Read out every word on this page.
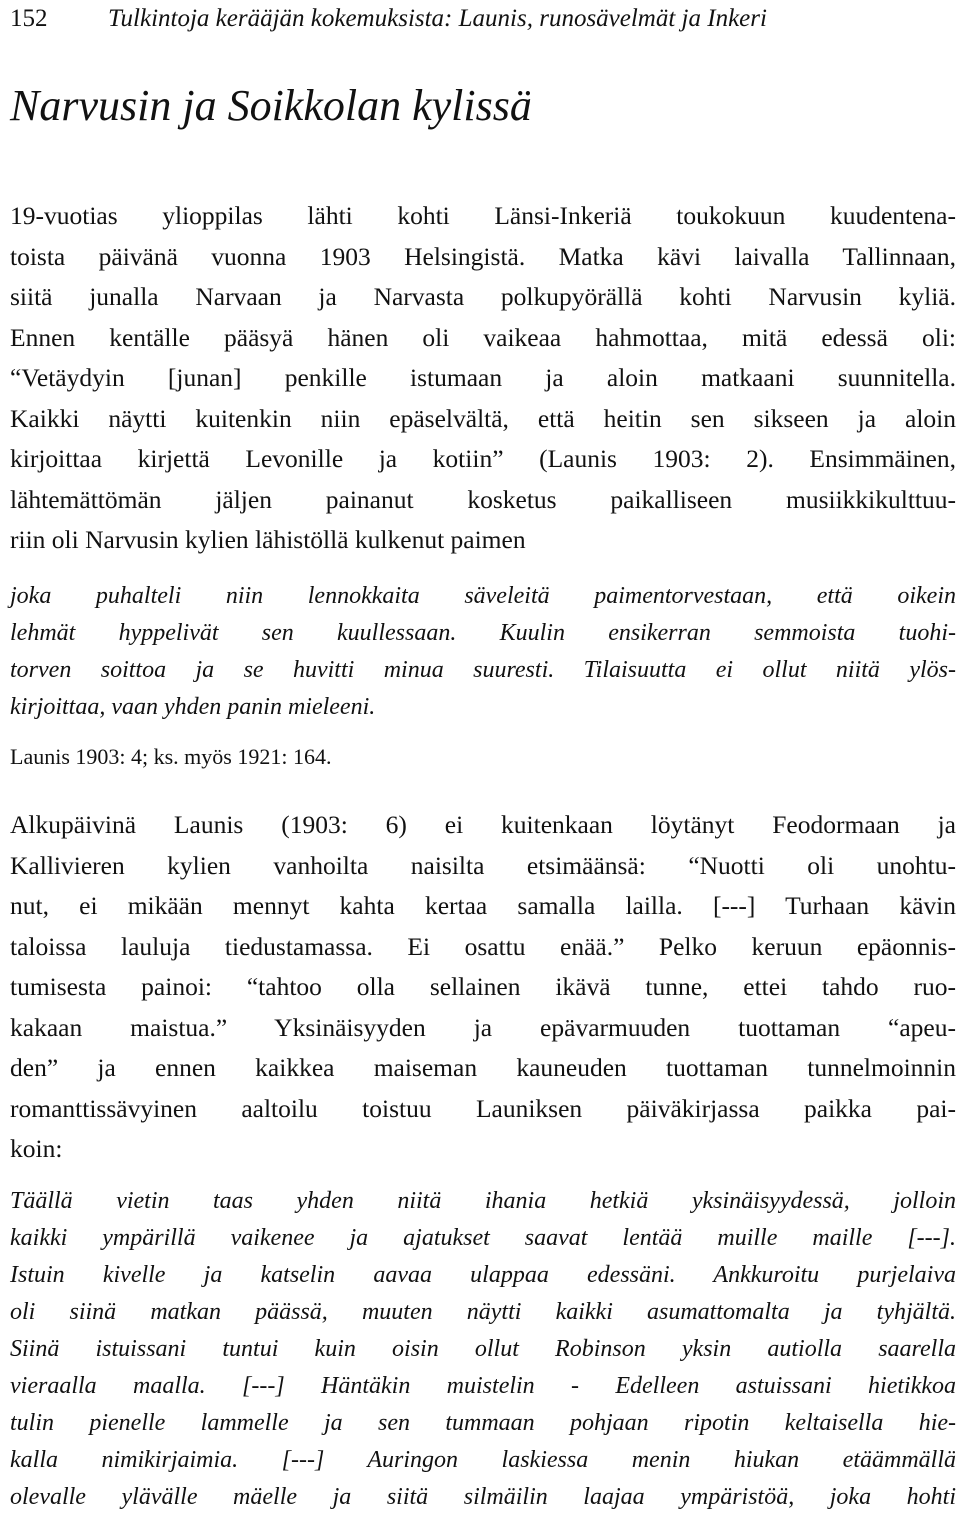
152 Tulkintoja kerääjän kokemuksista: Launis, runosävelmät ja Inkeri
Narvusin ja Soikkolan kylissä
19-vuotias ylioppilas lähti kohti Länsi-Inkeriä toukokuun kuudentena-
toista päivänä vuonna 1903 Helsingistä. Matka kävi laivalla Tallinnaan,
siitä junalla Narvaan ja Narvasta polkupyörällä kohti Narvusin kyliä.
Ennen kentälle pääsyä hänen oli vaikeaa hahmottaa, mitä edessä oli:
“Vetäydyin [junan] penkille istumaan ja aloin matkaani suunnitella.
Kaikki näytti kuitenkin niin epäselvältä, että heitin sen sikseen ja aloin
kirjoittaa kirjettä Levonille ja kotiin” (Launis 1903: 2). Ensimmäinen,
lähtemättömän jäljen painanut kosketus paikalliseen musiikkikulttuu-
riin oli Narvusin kylien lähistöllä kulkenut paimen
joka puhalteli niin lennokkaita säveleitä paimentorvestaan, että oikein
lehmät hyppelivät sen kuullessaan. Kuulin ensikerran semmoista tuohi-
torven soittoa ja se huvitti minua suuresti. Tilaisuutta ei ollut niitä ylös-
kirjoittaa, vaan yhden panin mieleeni.

Launis 1903: 4; ks. myös 1921: 164.

Alkupäivinä Launis (1903: 6) ei kuitenkaan löytänyt Feodormaan ja
Kallivieren kylien vanhoilta naisilta etsimäänsä: “Nuotti oli unohtu-
nut, ei mikään mennyt kahta kertaa samalla lailla. [---] Turhaan kävin
taloissa lauluja tiedustamassa. Ei osattu enää.” Pelko keruun epäonnis-
tumisesta painoi: “tahtoo olla sellainen ikävä tunne, ettei tahdo ruo-
kakaan maistua.” Yksinäisyyden ja epävarmuuden tuottaman “apeu-
den” ja ennen kaikkea maiseman kauneuden tuottaman tunnelmoinnin
romanttissävyinen aaltoilu toistuu Launiksen päiväkirjassa paikka pai-
koin:
Täällä vietin taas yhden niitä ihania hetkiä yksinäisyydessä, jolloin
kaikki ympärillä vaikenee ja ajatukset saavat lentää muille maille [---].
Istuin kivelle ja katselin aavaa ulappaa edessäni. Ankkuroitu purjelaiva
oli siinä matkan päässä, muuten näytti kaikki asumattomalta ja tyhjältä.
Siinä istuissani tuntui kuin oisin ollut Robinson yksin autiolla saarella
vieraalla maalla. [---] Häntäkin muistelin - Edelleen astuissani hietikkoa
tulin pienelle lammelle ja sen tummaan pohjaan ripotin keltaisella hie-
kalla nimikirjaimia. [---] Auringon laskiessa menin hiukan etäämmällä
olevalle ylävälle mäelle ja siitä silmäilin laajaa ympäristöä, joka hohti
